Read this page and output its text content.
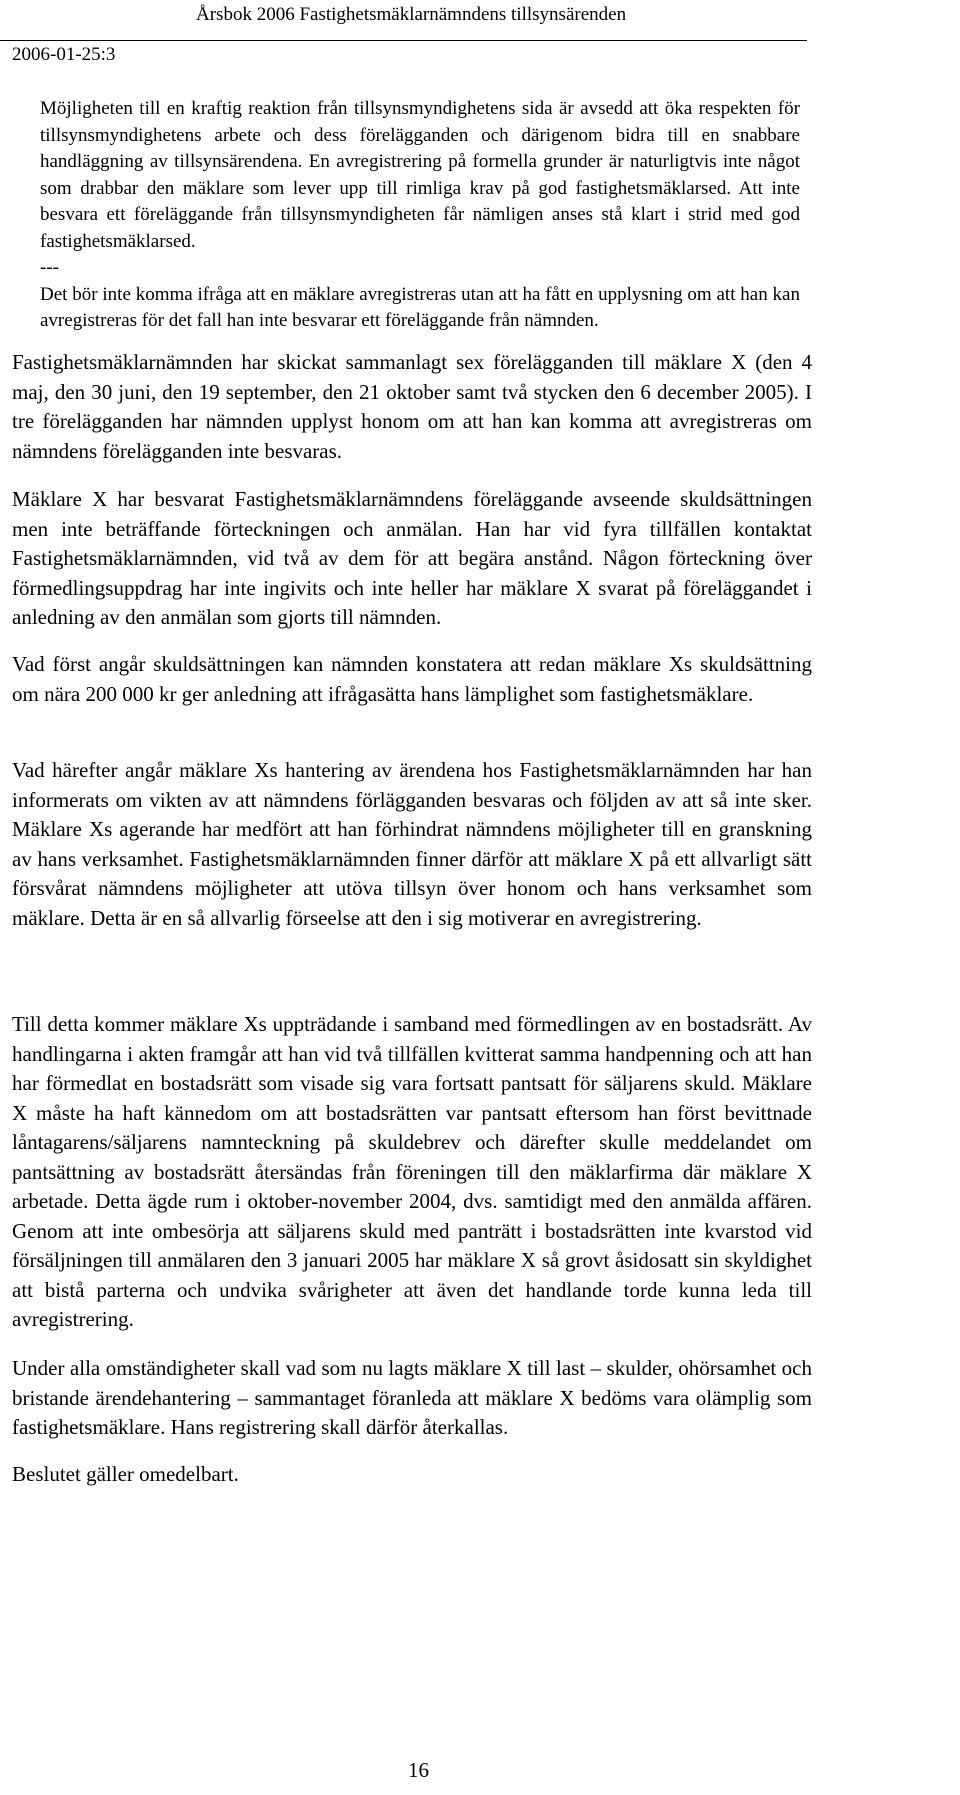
Årsbok 2006 Fastighetsmäklarnämndens tillsynsärenden
2006-01-25:3

Möjligheten till en kraftig reaktion från tillsynsmyndighetens sida är avsedd att öka respekten för tillsynsmyndighetens arbete och dess förelägganden och därigenom bidra till en snabbare handläggning av tillsynsärendena. En avregistrering på formella grunder är naturligtvis inte något som drabbar den mäklare som lever upp till rimliga krav på god fastighetsmäklarsed. Att inte besvara ett föreläggande från tillsynsmyndigheten får nämligen anses stå klart i strid med god fastighetsmäklarsed.

---

Det bör inte komma ifråga att en mäklare avregistreras utan att ha fått en upplysning om att han kan avregistreras för det fall han inte besvarar ett föreläggande från nämnden.

Fastighetsmäklarnämnden har skickat sammanlagt sex förelägganden till mäklare X (den 4 maj, den 30 juni, den 19 september, den 21 oktober samt två stycken den 6 december 2005). I tre förelägganden har nämnden upplyst honom om att han kan komma att avregistreras om nämndens förelägganden inte besvaras.

Mäklare X har besvarat Fastighetsmäklarnämndens föreläggande avseende skuldsättningen men inte beträffande förteckningen och anmälan. Han har vid fyra tillfällen kontaktat Fastighetsmäklarnämnden, vid två av dem för att begära anstånd. Någon förteckning över förmedlingsuppdrag har inte ingivits och inte heller har mäklare X svarat på föreläggandet i anledning av den anmälan som gjorts till nämnden.

Vad först angår skuldsättningen kan nämnden konstatera att redan mäklare Xs skuldsättning om nära 200 000 kr ger anledning att ifrågasätta hans lämplighet som fastighetsmäklare.

Vad härefter angår mäklare Xs hantering av ärendena hos Fastighetsmäklarnämnden har han informerats om vikten av att nämndens förlägganden besvaras och följden av att så inte sker. Mäklare Xs agerande har medfört att han förhindrat nämndens möjligheter till en granskning av hans verksamhet. Fastighetsmäklarnämnden finner därför att mäklare X på ett allvarligt sätt försvårat nämndens möjligheter att utöva tillsyn över honom och hans verksamhet som mäklare. Detta är en så allvarlig förseelse att den i sig motiverar en avregistrering.

Till detta kommer mäklare Xs uppträdande i samband med förmedlingen av en bostadsrätt. Av handlingarna i akten framgår att han vid två tillfällen kvitterat samma handpenning och att han har förmedlat en bostadsrätt som visade sig vara fortsatt pantsatt för säljarens skuld. Mäklare X måste ha haft kännedom om att bostadsrätten var pantsatt eftersom han först bevittnade låntagarens/säljarens namnteckning på skuldebrev och därefter skulle meddelandet om pantsättning av bostadsrätt återsändas från föreningen till den mäklarfirma där mäklare X arbetade. Detta ägde rum i oktober-november 2004, dvs. samtidigt med den anmälda affären. Genom att inte ombesörja att säljarens skuld med panträtt i bostadsrätten inte kvarstod vid försäljningen till anmälaren den 3 januari 2005 har mäklare X så grovt åsidosatt sin skyldighet att bistå parterna och undvika svårigheter att även det handlande torde kunna leda till avregistrering.

Under alla omständigheter skall vad som nu lagts mäklare X till last – skulder, ohörsamhet och bristande ärendehantering – sammantaget föranleda att mäklare X bedöms vara olämplig som fastighetsmäklare. Hans registrering skall därför återkallas.

Beslutet gäller omedelbart.

16
